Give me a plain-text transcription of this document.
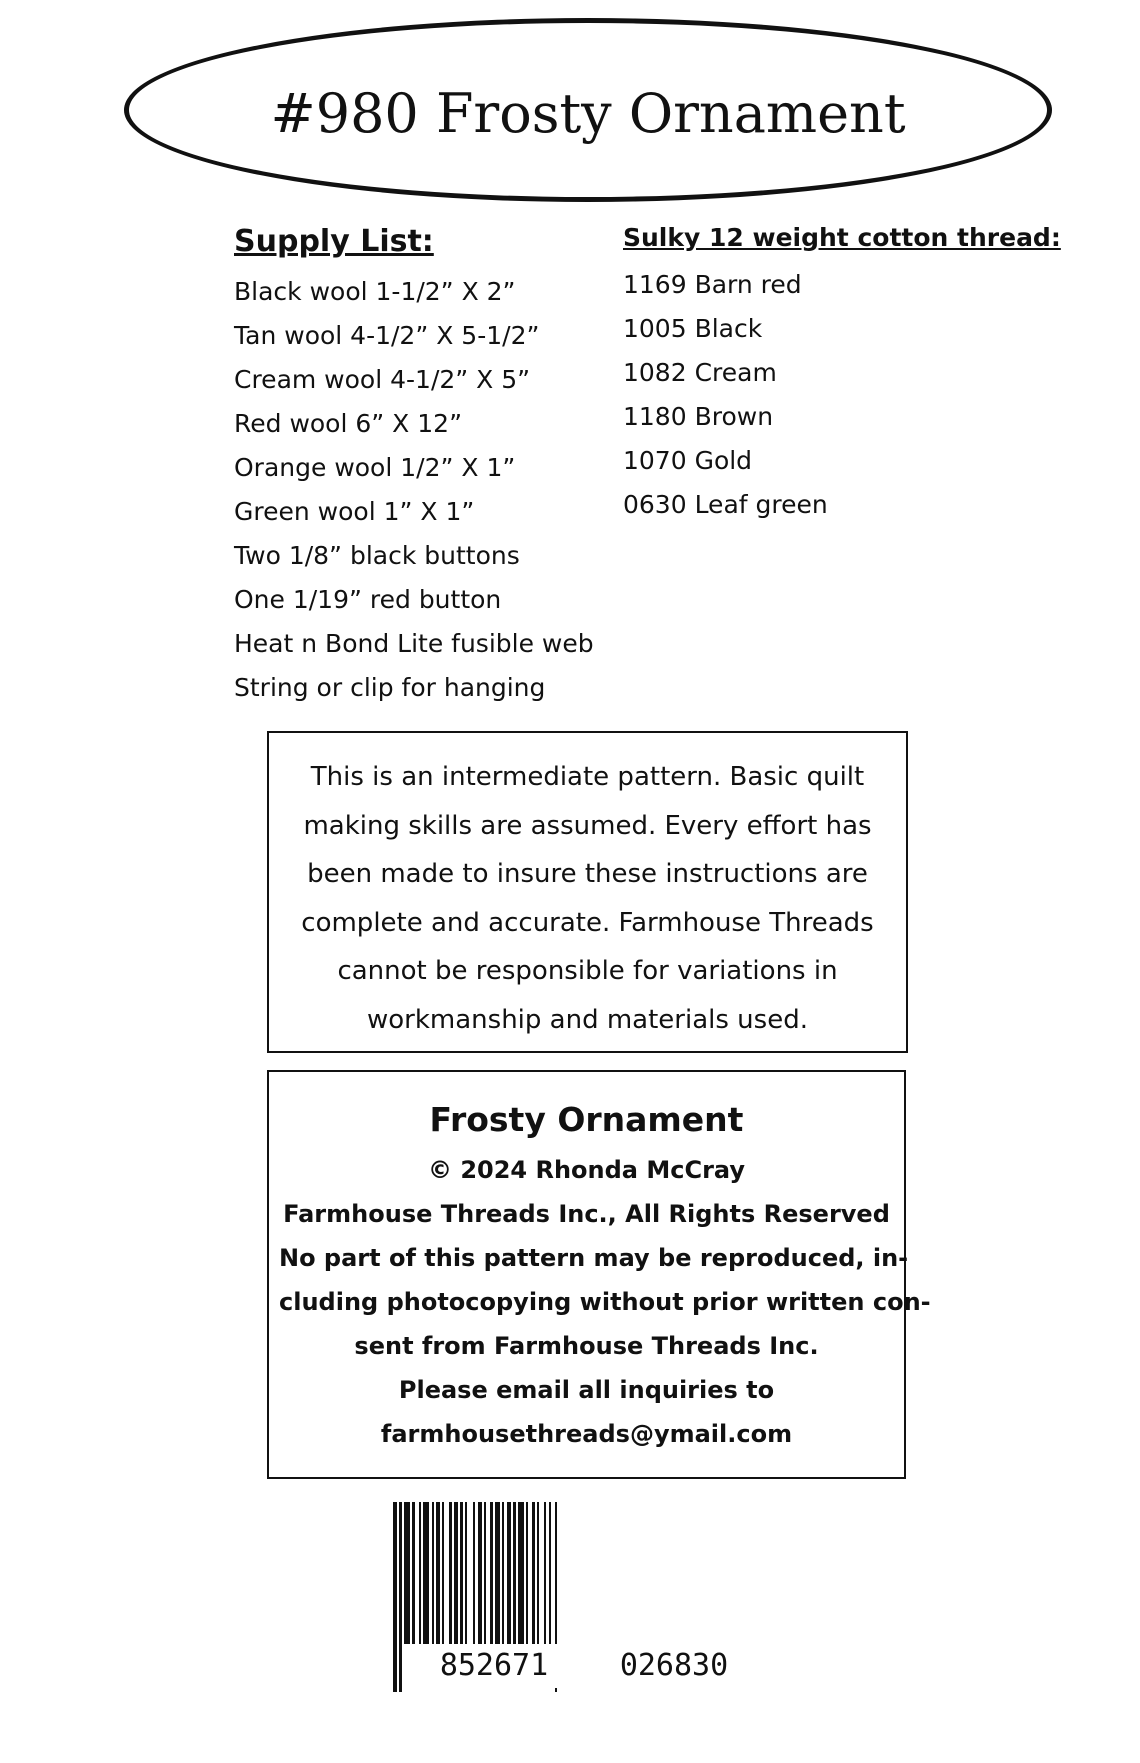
#980 Frosty Ornament
Supply List:
Black wool 1-1/2” X 2”
Tan wool 4-1/2” X 5-1/2”
Cream wool 4-1/2” X 5”
Red wool 6” X 12”
Orange wool 1/2” X 1”
Green wool 1” X 1”
Two 1/8” black buttons
One 1/19” red button
Heat n Bond Lite fusible web
String or clip for hanging
Sulky 12 weight cotton thread:
1169 Barn red
1005 Black
1082 Cream
1180 Brown
1070 Gold
0630 Leaf green
This is an intermediate pattern. Basic quilt
making skills are assumed. Every effort has
been made to insure these instructions are
complete and accurate. Farmhouse Threads
cannot be responsible for variations in
workmanship and materials used.
Frosty Ornament
© 2024 Rhonda McCray
Farmhouse Threads Inc., All Rights Reserved
No part of this pattern may be reproduced, in-
cluding photocopying without prior written con-
sent from Farmhouse Threads Inc.
Please email all inquiries to
farmhousethreads@ymail.com
852671	026830
